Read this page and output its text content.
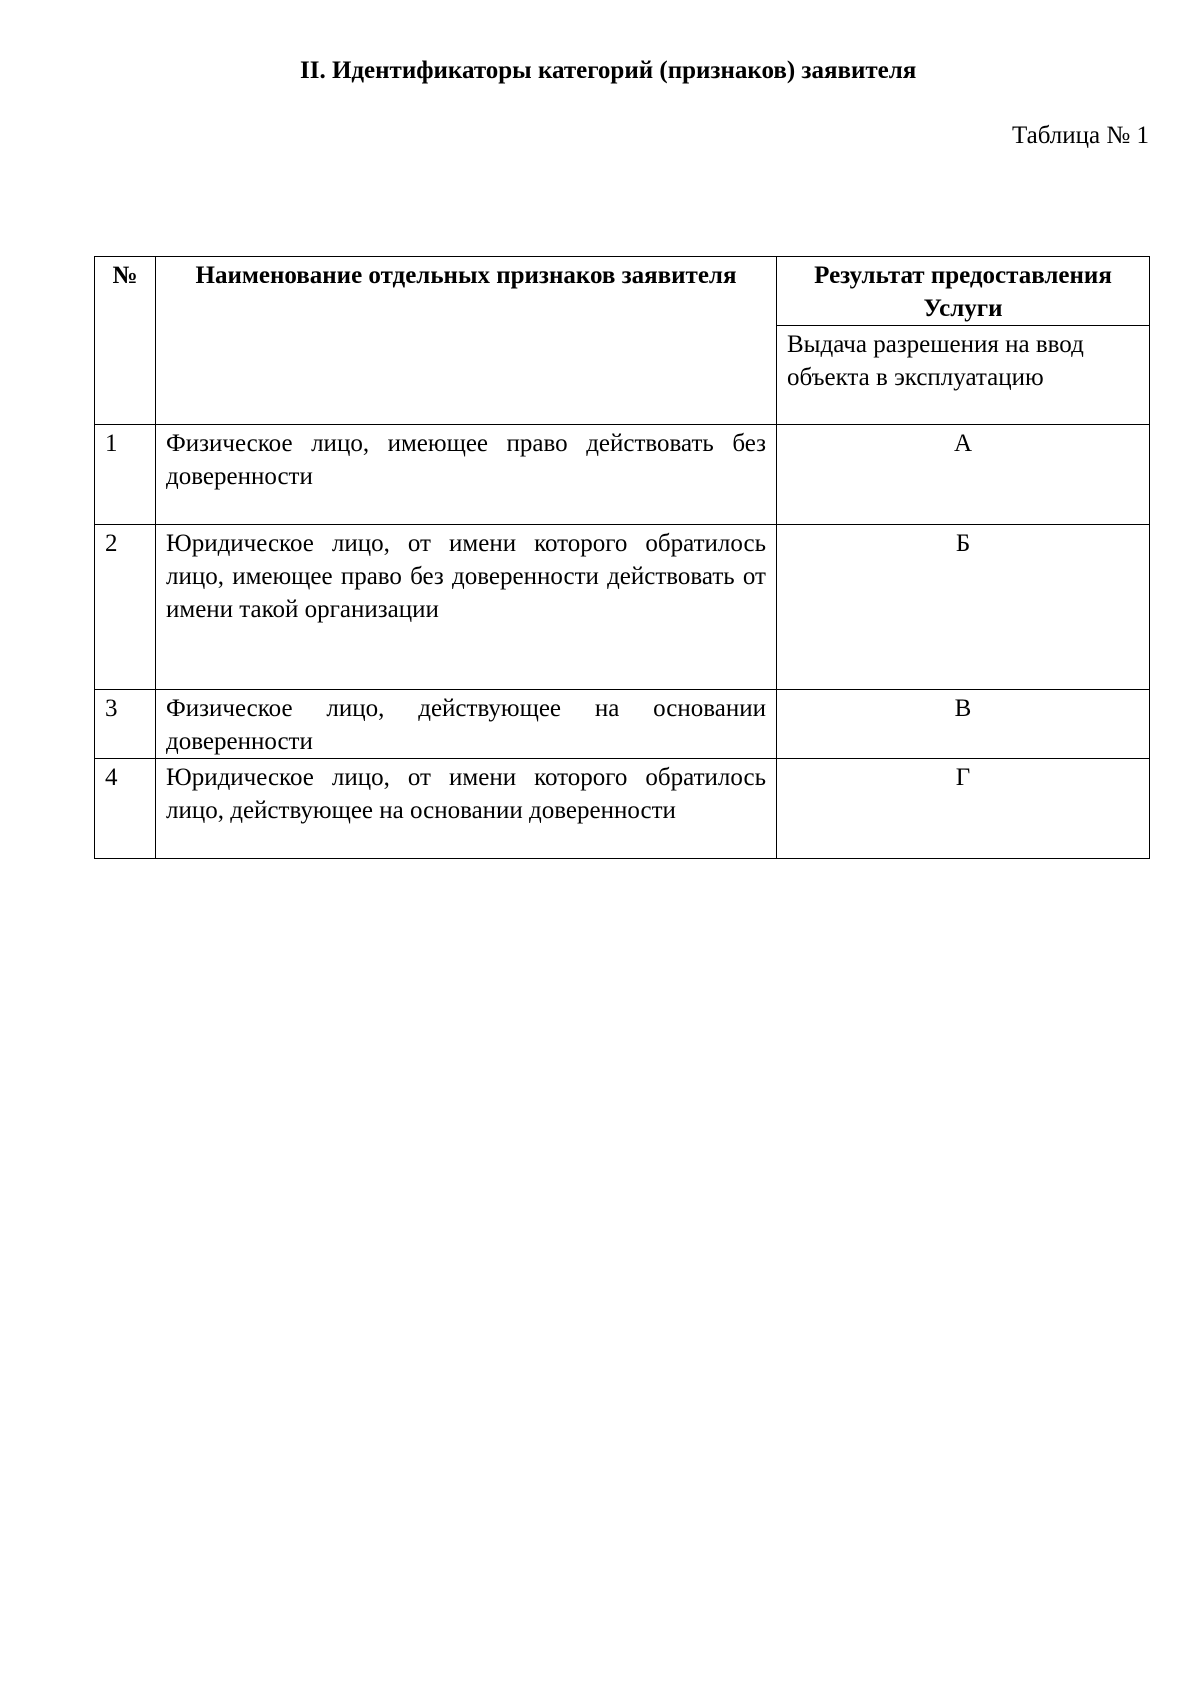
II. Идентификаторы категорий (признаков) заявителя
Таблица № 1
№	Наименование отдельных признаков заявителя	Результат предоставления Услуги
		Выдача разрешения на ввод объекта в эксплуатацию
1	Физическое лицо, имеющее право действовать без доверенности	А
2	Юридическое лицо, от имени которого обратилось лицо, имеющее право без доверенности действовать от имени такой организации	Б
3	Физическое лицо, действующее на основании доверенности	В
4	Юридическое лицо, от имени которого обратилось лицо, действующее на основании доверенности	Г
